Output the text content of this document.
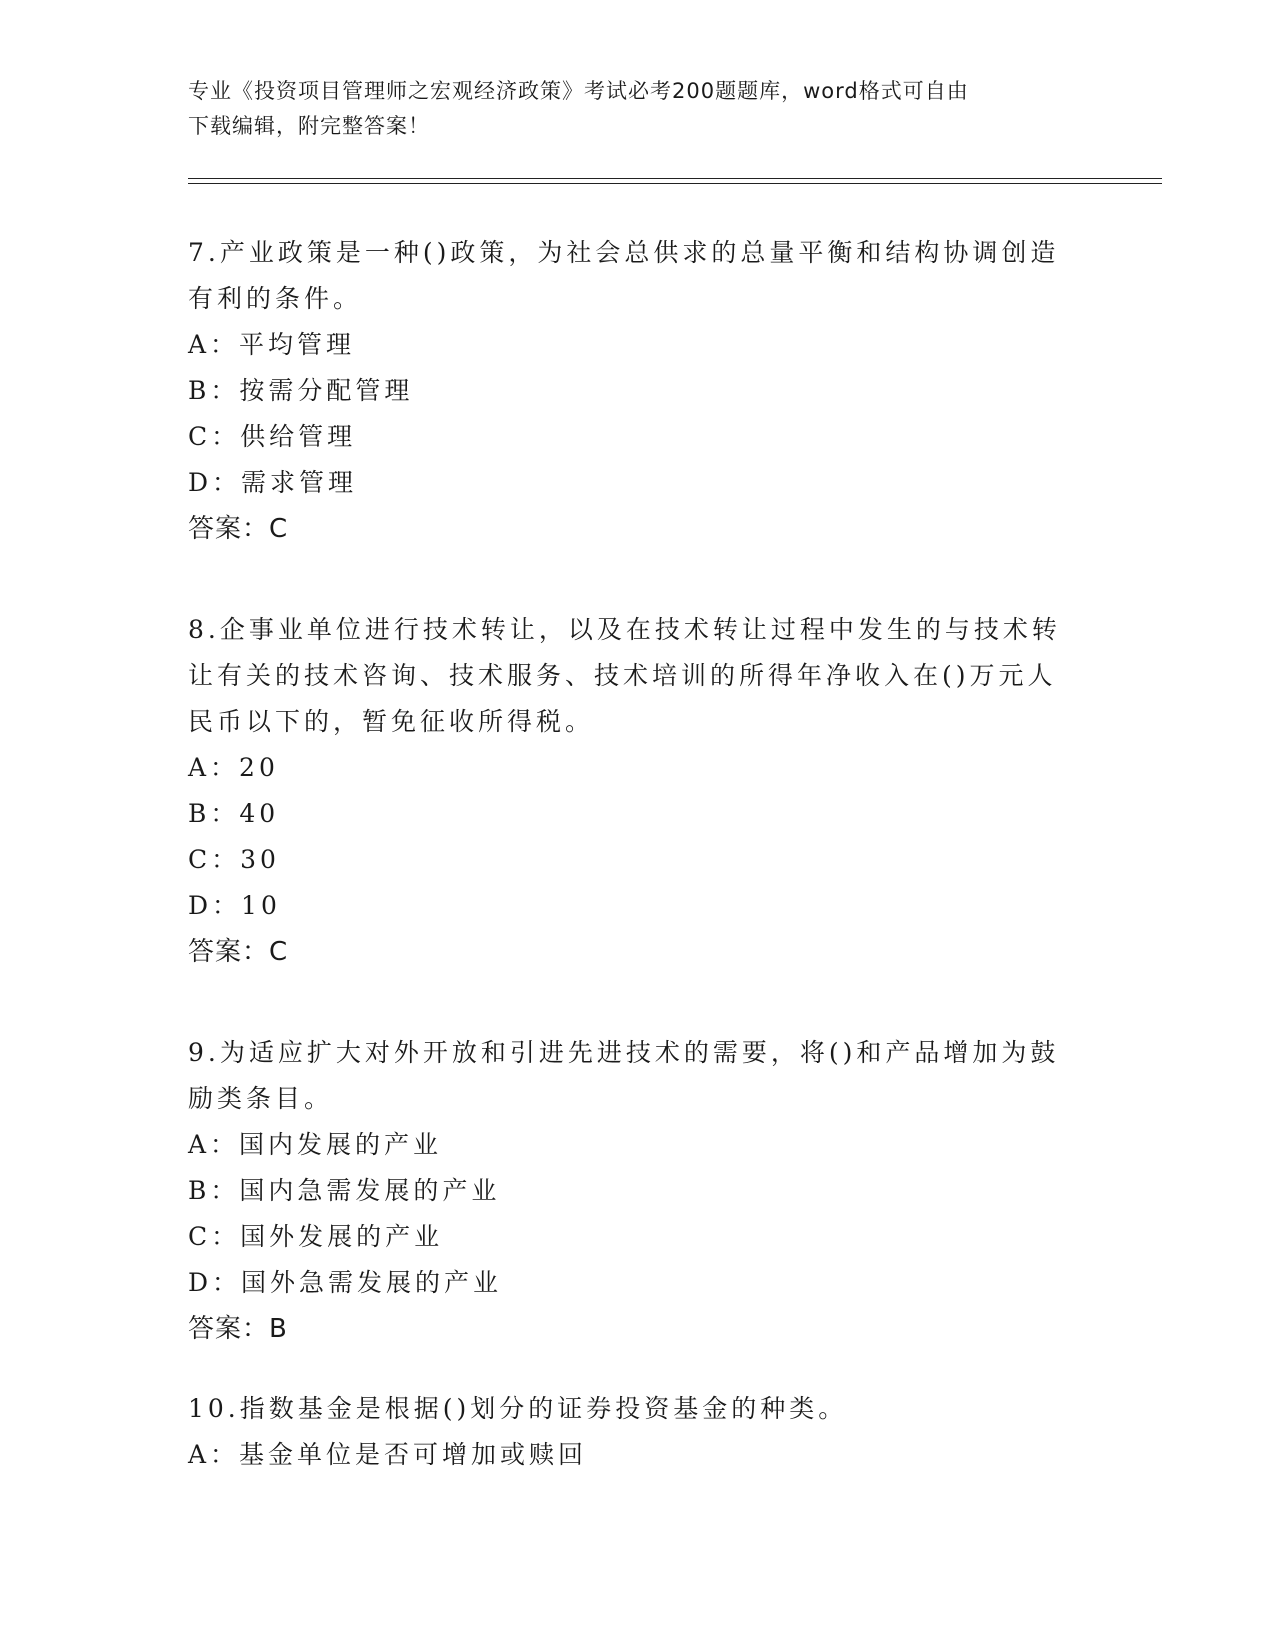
专业《投资项目管理师之宏观经济政策》考试必考200题题库，word格式可自由
下载编辑，附完整答案！

7.产业政策是一种()政策，为社会总供求的总量平衡和结构协调创造

有利的条件。

A：平均管理

B：按需分配管理

C：供给管理

D：需求管理

答案：C

8.企事业单位进行技术转让，以及在技术转让过程中发生的与技术转

让有关的技术咨询、技术服务、技术培训的所得年净收入在()万元人

民币以下的，暂免征收所得税。

A：20

B：40

C：30

D：10

答案：C

9.为适应扩大对外开放和引进先进技术的需要，将()和产品增加为鼓

励类条目。

A：国内发展的产业

B：国内急需发展的产业

C：国外发展的产业

D：国外急需发展的产业

答案：B

10.指数基金是根据()划分的证券投资基金的种类。

A：基金单位是否可增加或赎回
